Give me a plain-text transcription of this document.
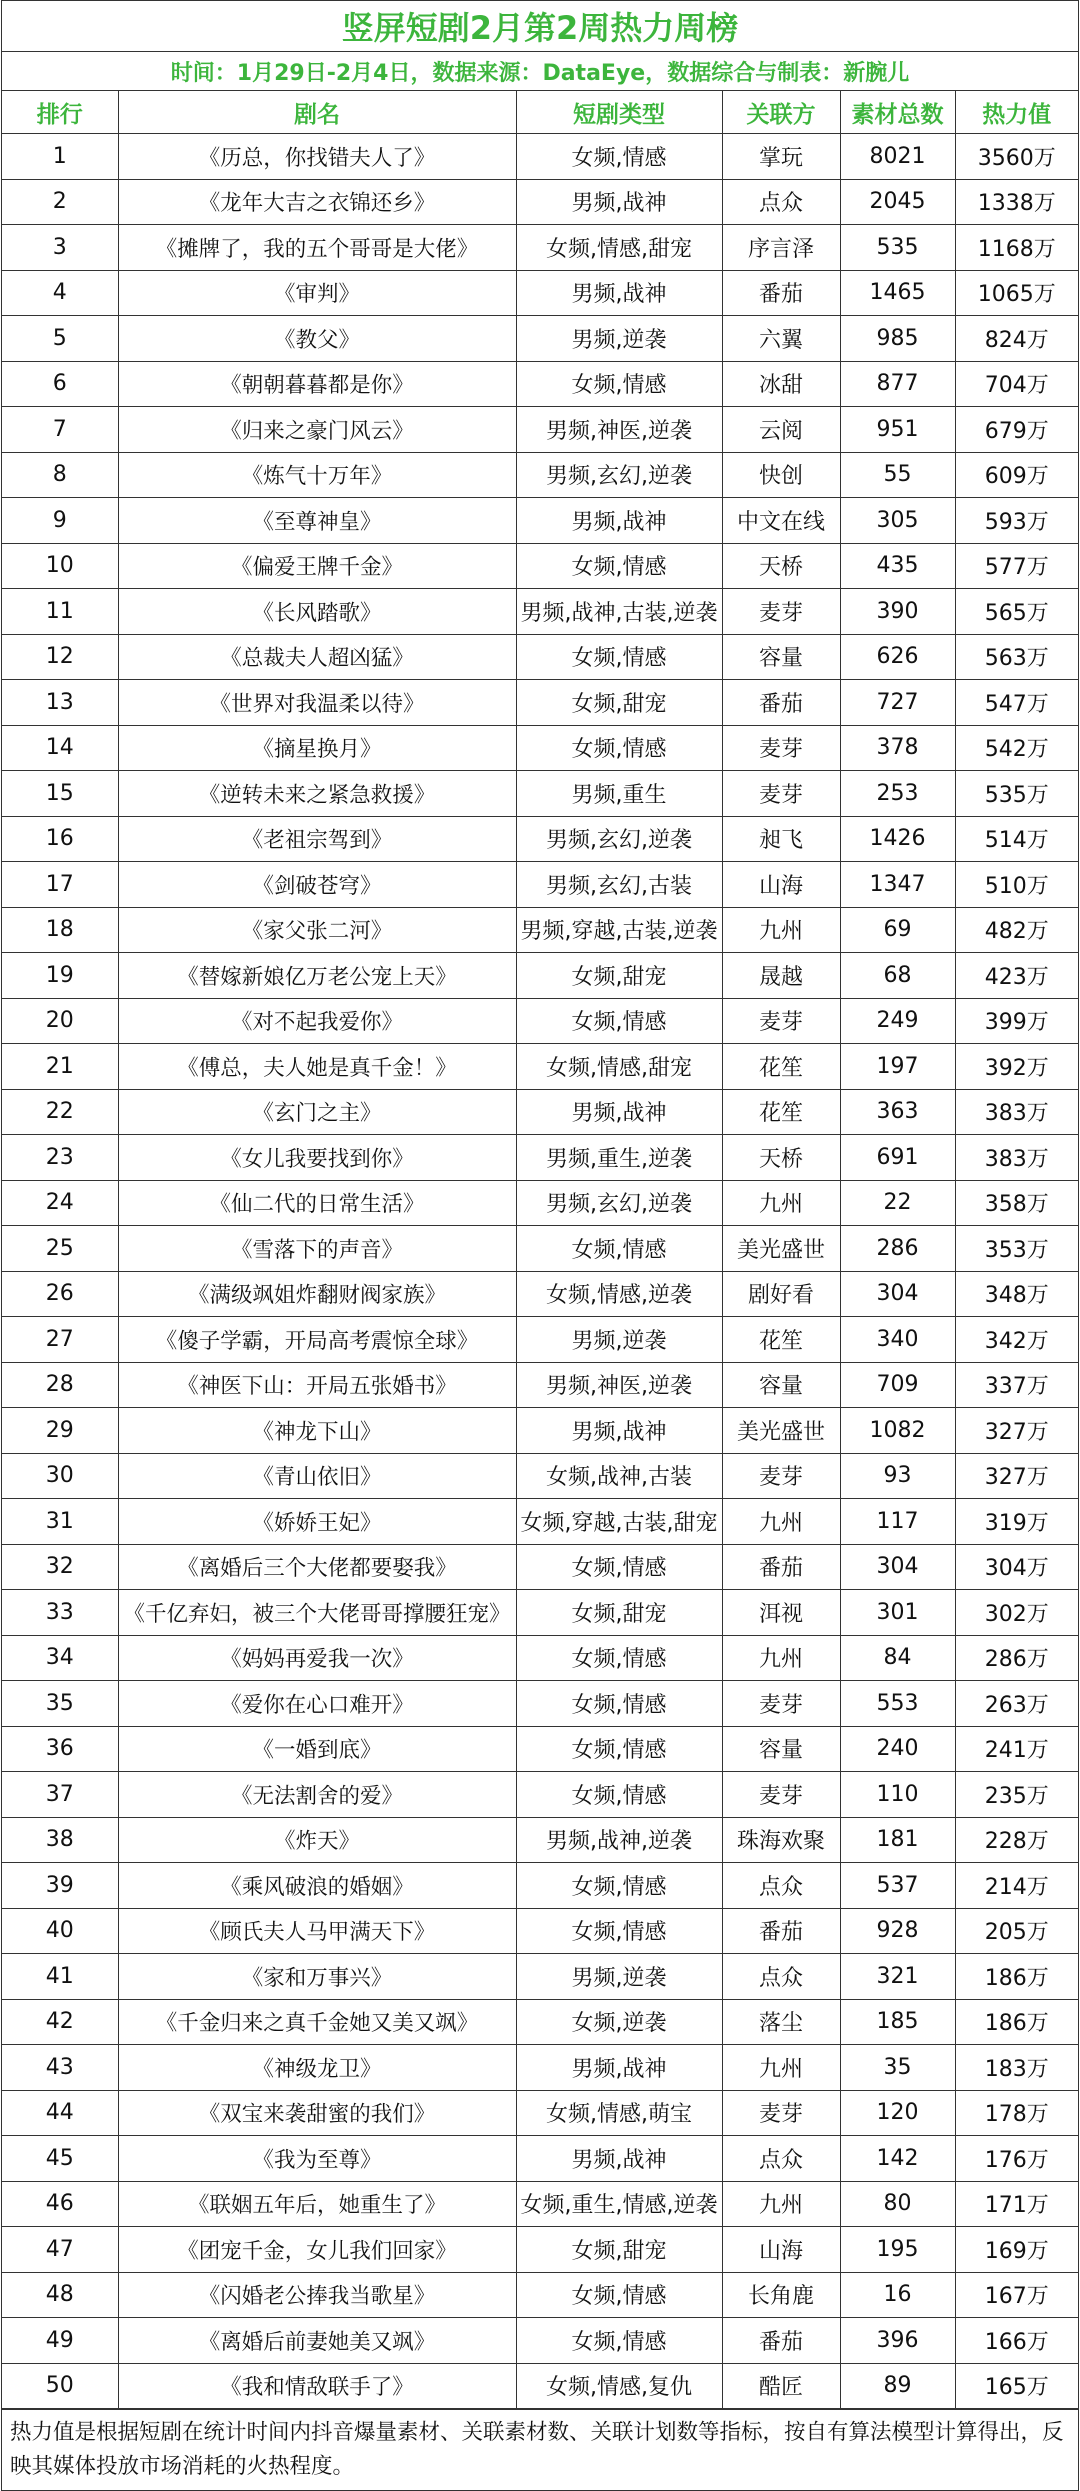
竖屏短剧2月第2周热力周榜
时间：1月29日-2月4日，数据来源：DataEye，数据综合与制表：新腕儿
排行	剧名	短剧类型	关联方	素材总数	热力值
1	《历总，你找错夫人了》	女频,情感	掌玩	8021	3560万
2	《龙年大吉之衣锦还乡》	男频,战神	点众	2045	1338万
3	《摊牌了，我的五个哥哥是大佬》	女频,情感,甜宠	序言泽	535	1168万
4	《审判》	男频,战神	番茄	1465	1065万
5	《教父》	男频,逆袭	六翼	985	824万
6	《朝朝暮暮都是你》	女频,情感	冰甜	877	704万
7	《归来之豪门风云》	男频,神医,逆袭	云阅	951	679万
8	《炼气十万年》	男频,玄幻,逆袭	快创	55	609万
9	《至尊神皇》	男频,战神	中文在线	305	593万
10	《偏爱王牌千金》	女频,情感	天桥	435	577万
11	《长风踏歌》	男频,战神,古装,逆袭	麦芽	390	565万
12	《总裁夫人超凶猛》	女频,情感	容量	626	563万
13	《世界对我温柔以待》	女频,甜宠	番茄	727	547万
14	《摘星换月》	女频,情感	麦芽	378	542万
15	《逆转未来之紧急救援》	男频,重生	麦芽	253	535万
16	《老祖宗驾到》	男频,玄幻,逆袭	昶飞	1426	514万
17	《剑破苍穹》	男频,玄幻,古装	山海	1347	510万
18	《家父张二河》	男频,穿越,古装,逆袭	九州	69	482万
19	《替嫁新娘亿万老公宠上天》	女频,甜宠	晟越	68	423万
20	《对不起我爱你》	女频,情感	麦芽	249	399万
21	《傅总，夫人她是真千金！》	女频,情感,甜宠	花笙	197	392万
22	《玄门之主》	男频,战神	花笙	363	383万
23	《女儿我要找到你》	男频,重生,逆袭	天桥	691	383万
24	《仙二代的日常生活》	男频,玄幻,逆袭	九州	22	358万
25	《雪落下的声音》	女频,情感	美光盛世	286	353万
26	《满级飒姐炸翻财阀家族》	女频,情感,逆袭	剧好看	304	348万
27	《傻子学霸，开局高考震惊全球》	男频,逆袭	花笙	340	342万
28	《神医下山：开局五张婚书》	男频,神医,逆袭	容量	709	337万
29	《神龙下山》	男频,战神	美光盛世	1082	327万
30	《青山依旧》	女频,战神,古装	麦芽	93	327万
31	《娇娇王妃》	女频,穿越,古装,甜宠	九州	117	319万
32	《离婚后三个大佬都要娶我》	女频,情感	番茄	304	304万
33	《千亿弃妇，被三个大佬哥哥撑腰狂宠》	女频,甜宠	洱视	301	302万
34	《妈妈再爱我一次》	女频,情感	九州	84	286万
35	《爱你在心口难开》	女频,情感	麦芽	553	263万
36	《一婚到底》	女频,情感	容量	240	241万
37	《无法割舍的爱》	女频,情感	麦芽	110	235万
38	《炸天》	男频,战神,逆袭	珠海欢聚	181	228万
39	《乘风破浪的婚姻》	女频,情感	点众	537	214万
40	《顾氏夫人马甲满天下》	女频,情感	番茄	928	205万
41	《家和万事兴》	男频,逆袭	点众	321	186万
42	《千金归来之真千金她又美又飒》	女频,逆袭	落尘	185	186万
43	《神级龙卫》	男频,战神	九州	35	183万
44	《双宝来袭甜蜜的我们》	女频,情感,萌宝	麦芽	120	178万
45	《我为至尊》	男频,战神	点众	142	176万
46	《联姻五年后，她重生了》	女频,重生,情感,逆袭	九州	80	171万
47	《团宠千金，女儿我们回家》	女频,甜宠	山海	195	169万
48	《闪婚老公捧我当歌星》	女频,情感	长角鹿	16	167万
49	《离婚后前妻她美又飒》	女频,情感	番茄	396	166万
50	《我和情敌联手了》	女频,情感,复仇	酷匠	89	165万
热力值是根据短剧在统计时间内抖音爆量素材、关联素材数、关联计划数等指标，按自有算法模型计算得出，反映其媒体投放市场消耗的火热程度。
